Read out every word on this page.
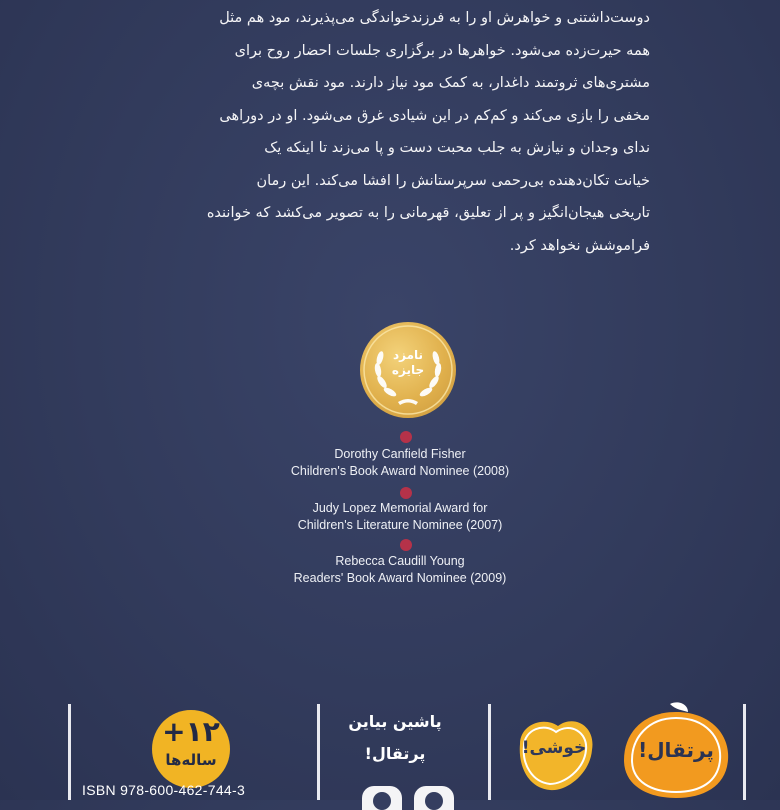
دوست‌داشتنی و خواهرش او را به فرزندخواندگی می‌پذیرند، مود هم مثل
همه حیرت‌زده می‌شود. خواهرها در برگزاری جلسات احضار روح برای
مشتری‌های ثروتمند داغدار، به کمک مود نیاز دارند. مود نقش بچه‌ی
مخفی را بازی می‌کند و کم‌کم در این شیادی غرق می‌شود. او در دوراهی
ندای وجدان و نیازش به جلب محبت دست و پا می‌زند تا اینکه یک
خیانت تکان‌دهنده بی‌رحمی سرپرستانش را افشا می‌کند. این رمان
تاریخی هیجان‌انگیز و پر از تعلیق، قهرمانی را به تصویر می‌کشد که خواننده
فراموشش نخواهد کرد.
نامزد
جایزه
Dorothy Canfield Fisher
Children's Book Award Nominee (2008)
Judy Lopez Memorial Award for
Children's Literature Nominee (2007)
Rebecca Caudill Young
Readers' Book Award Nominee (2009)
+۱۲
ساله‌ها
ISBN 978-600-462-744-3
پاشین بیاین
پرتقال!	خوشی!	پرتقال!
